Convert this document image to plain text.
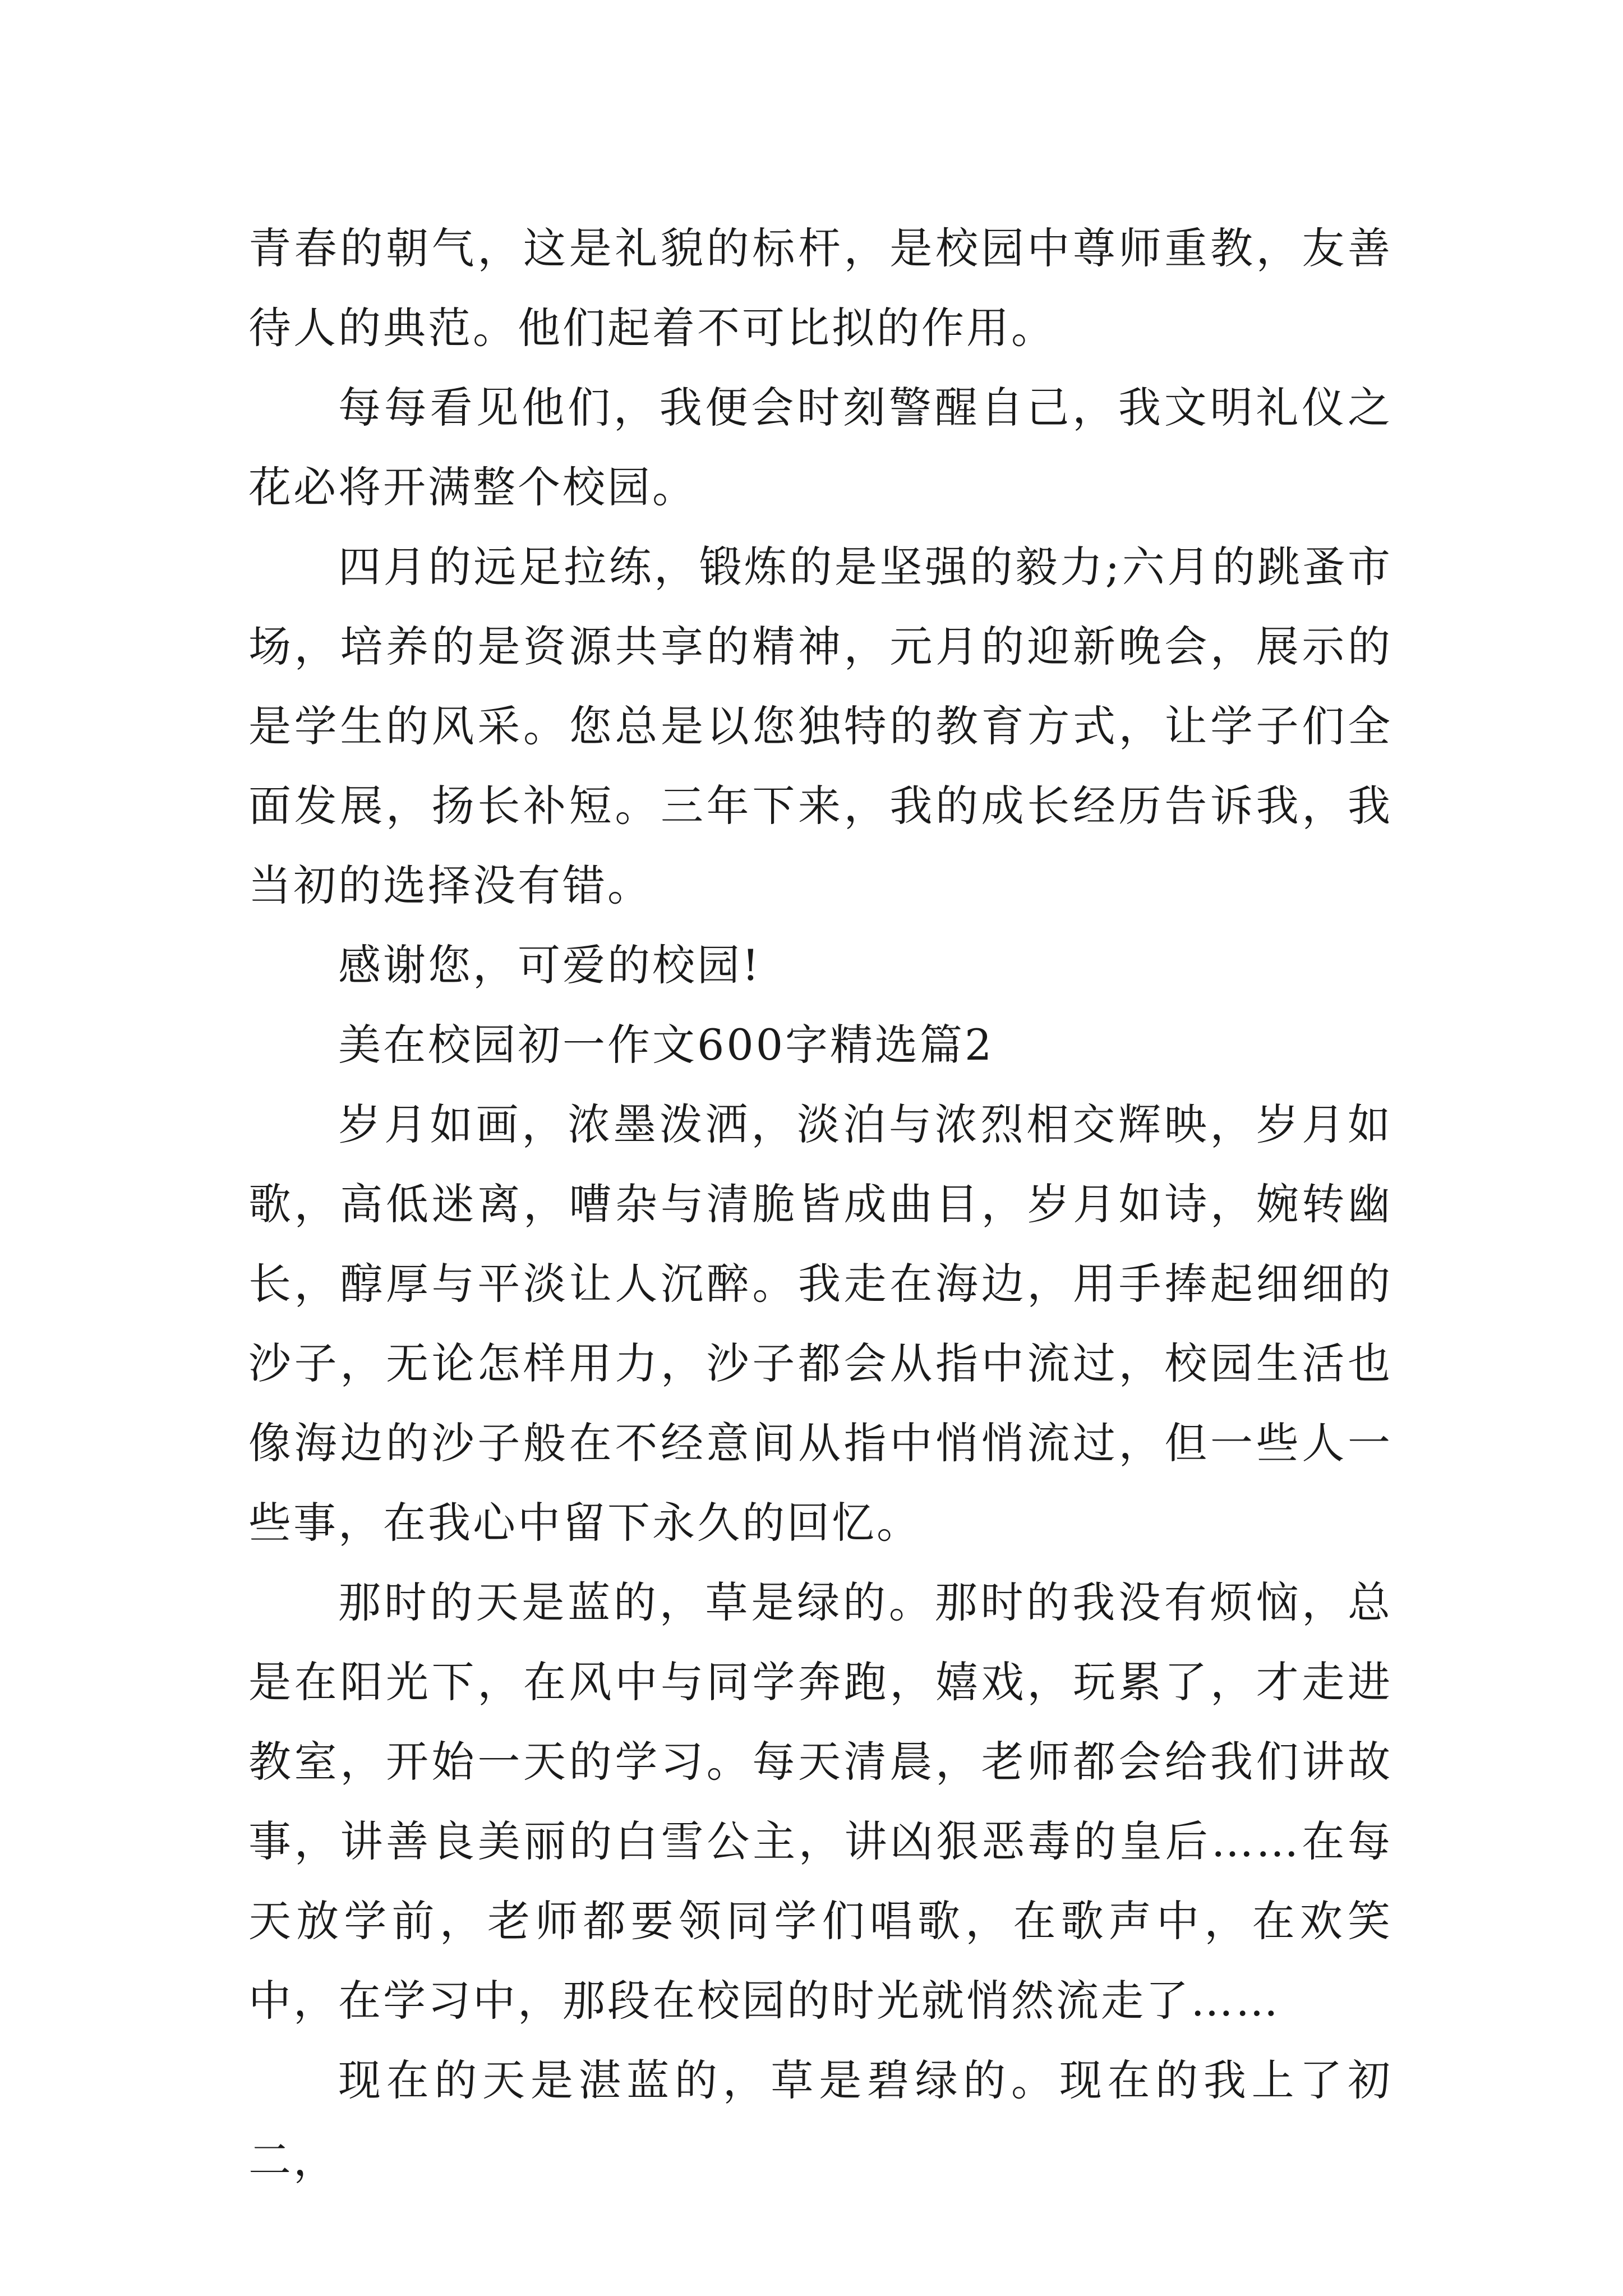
青春的朝气，这是礼貌的标杆，是校园中尊师重教，友善待人的典范。他们起着不可比拟的作用。

每每看见他们，我便会时刻警醒自己，我文明礼仪之花必将开满整个校园。

四月的远足拉练，锻炼的是坚强的毅力;六月的跳蚤市场，培养的是资源共享的精神，元月的迎新晚会，展示的是学生的风采。您总是以您独特的教育方式，让学子们全面发展，扬长补短。三年下来，我的成长经历告诉我，我当初的选择没有错。

感谢您，可爱的校园!

美在校园初一作文600字精选篇2

岁月如画，浓墨泼洒，淡泊与浓烈相交辉映，岁月如歌，高低迷离，嘈杂与清脆皆成曲目，岁月如诗，婉转幽长，醇厚与平淡让人沉醉。我走在海边，用手捧起细细的沙子，无论怎样用力，沙子都会从指中流过，校园生活也像海边的沙子般在不经意间从指中悄悄流过，但一些人一些事，在我心中留下永久的回忆。

那时的天是蓝的，草是绿的。那时的我没有烦恼，总是在阳光下，在风中与同学奔跑，嬉戏，玩累了，才走进教室，开始一天的学习。每天清晨，老师都会给我们讲故事，讲善良美丽的白雪公主，讲凶狠恶毒的皇后……在每天放学前，老师都要领同学们唱歌，在歌声中，在欢笑中，在学习中，那段在校园的时光就悄然流走了……

现在的天是湛蓝的，草是碧绿的。现在的我上了初二，
